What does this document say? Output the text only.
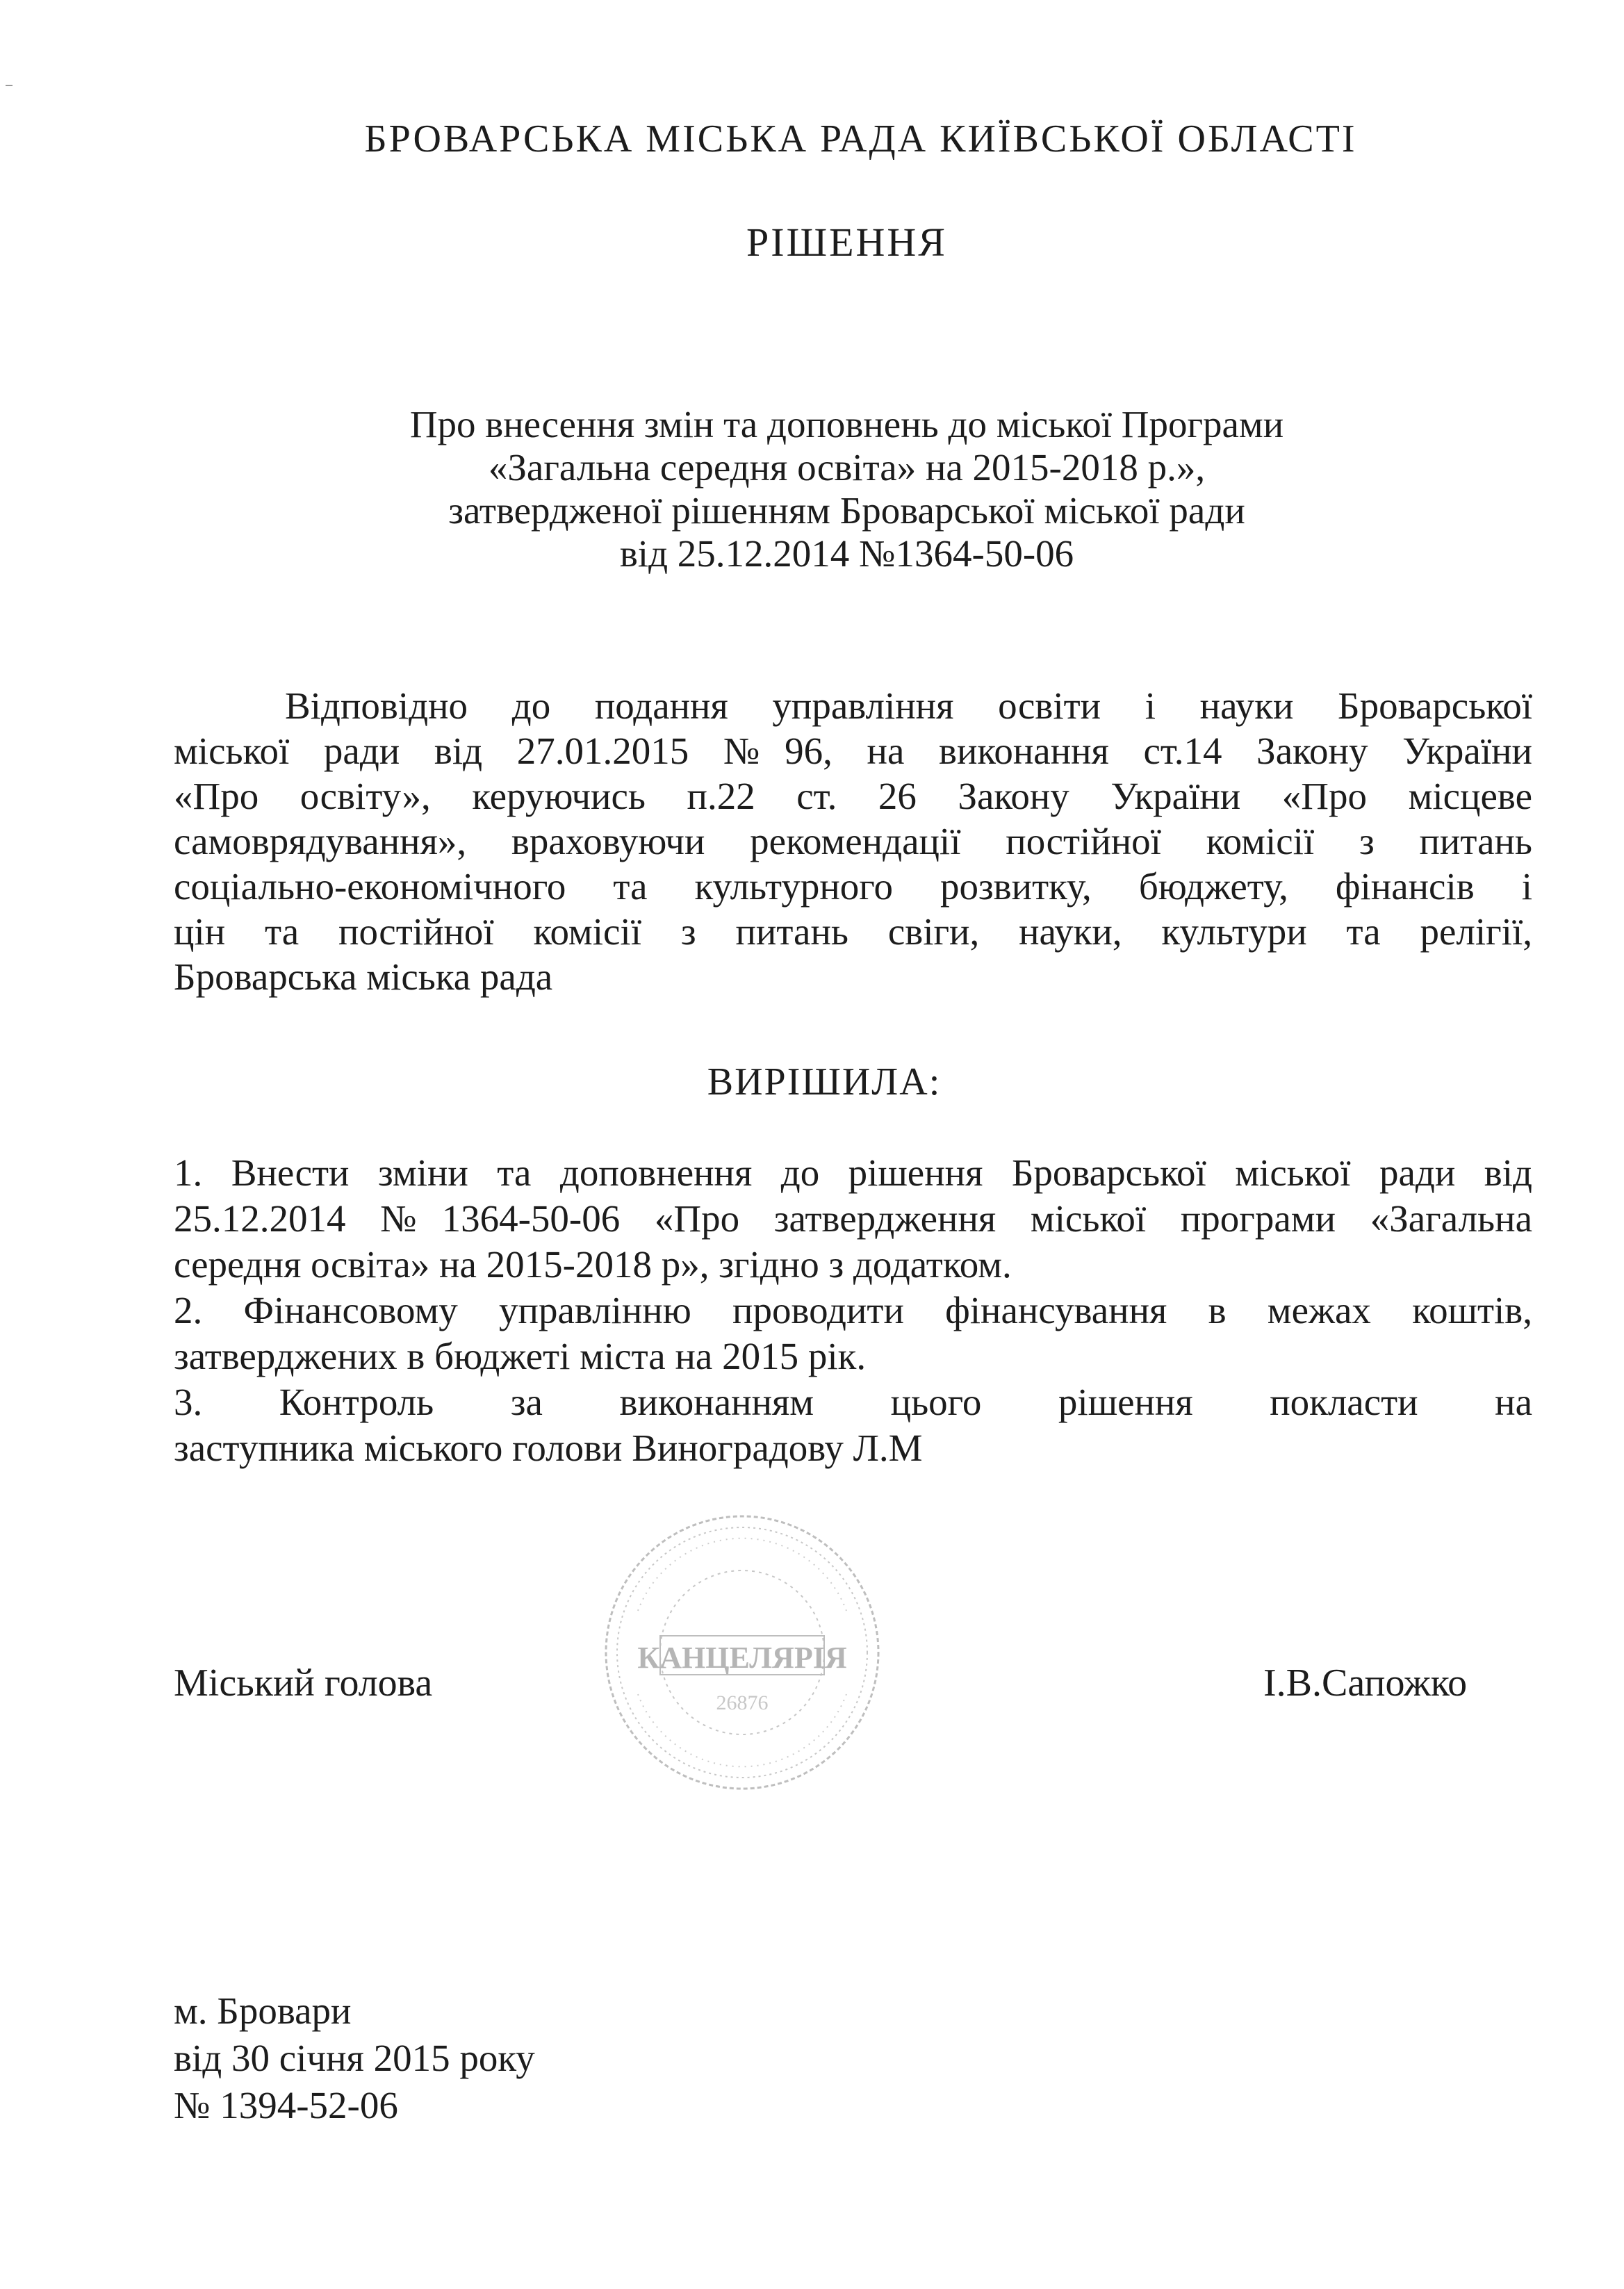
БРОВАРСЬКА МІСЬКА РАДА КИЇВСЬКОЇ ОБЛАСТІ
РІШЕННЯ
Про внесення змін та доповнень до міської Програми
«Загальна середня освіта» на 2015-2018 р.»,
затвердженої рішенням Броварської міської ради
від 25.12.2014 №1364-50-06
Відповідно до подання управління освіти і науки Броварської
міської ради від 27.01.2015 №96, на виконання ст.14 Закону України
«Про освіту», керуючись п.22 ст. 26 Закону України «Про місцеве
самоврядування», враховуючи рекомендації постійної комісії з питань
соціально-економічного та культурного розвитку, бюджету, фінансів і
цін та постійної комісії з питань свіги, науки, культури та релігії,
Броварська міська рада
ВИРІШИЛА:
1. Внести зміни та доповнення до рішення Броварської міської ради від
25.12.2014 №1364-50-06 «Про затвердження міської програми «Загальна
середня освіта» на 2015-2018 р», згідно з додатком.
2. Фінансовому управлінню проводити фінансування в межах коштів,
затверджених в бюджеті міста на 2015 рік.
3. Контроль за виконанням цього рішення покласти на
заступника міського голови Виноградову Л.М
КАНЦЕЛЯРІЯ
26876
Міський голова	І.В.Сапожко
м. Бровари
від 30 січня 2015 року
№ 1394-52-06
